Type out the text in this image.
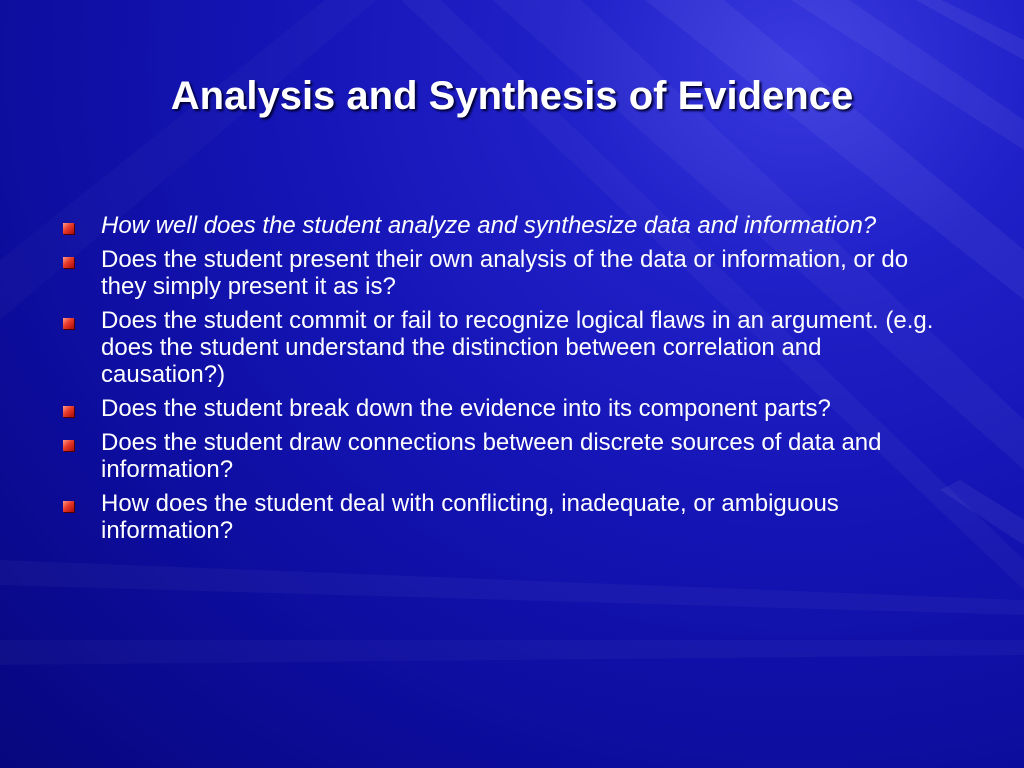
Analysis and Synthesis of Evidence
How well does the student analyze and synthesize data and information?
Does the student present their own analysis of the data or information, or do they simply present it as is?
Does the student commit or fail to recognize logical flaws in an argument. (e.g. does the student understand the distinction between correlation and causation?)
Does the student break down the evidence into its component parts?
Does the student draw connections between discrete sources of data and information?
How does the student deal with conflicting, inadequate, or ambiguous information?
